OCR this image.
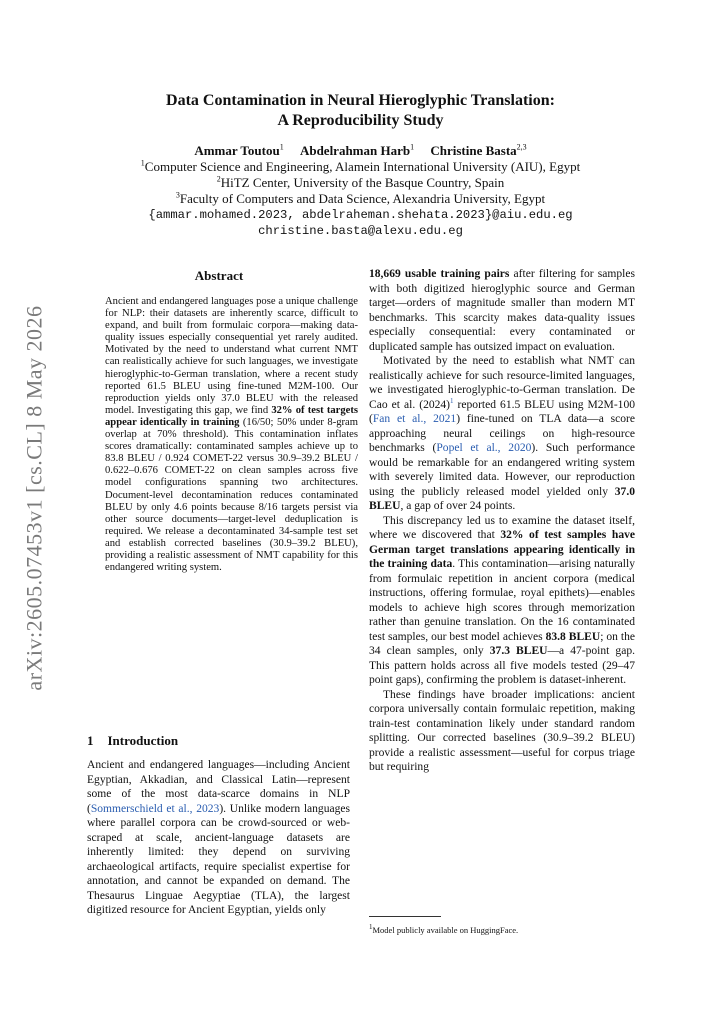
arXiv:2605.07453v1 [cs.CL] 8 May 2026
Data Contamination in Neural Hieroglyphic Translation:
A Reproducibility Study
Ammar Toutou$^1$ Abdelrahman Harb$^1$ Christine Basta$^{2,3}$
$^1$Computer Science and Engineering, Alamein International University (AIU), Egypt
$^2$HiTZ Center, University of the Basque Country, Spain
$^3$Faculty of Computers and Data Science, Alexandria University, Egypt
{ammar.mohamed.2023, abdelraheman.shehata.2023}@aiu.edu.eg
christine.basta@alexu.edu.eg
Abstract
Ancient and endangered languages pose a unique challenge for NLP: their datasets are inherently scarce, difficult to expand, and built from formulaic corpora—making data-quality issues especially consequential yet rarely audited. Motivated by the need to understand what current NMT can realistically achieve for such languages, we investigate hieroglyphic-to-German translation, where a recent study reported 61.5 BLEU using fine-tuned M2M-100. Our reproduction yields only 37.0 BLEU with the released model. Investigating this gap, we find 32% of test targets appear identically in training (16/50; 50% under 8-gram overlap at 70% threshold). This contamination inflates scores dramatically: contaminated samples achieve up to 83.8 BLEU / 0.924 COMET-22 versus 30.9–39.2 BLEU / 0.622–0.676 COMET-22 on clean samples across five model configurations spanning two architectures. Document-level decontamination reduces contaminated BLEU by only 4.6 points because 8/16 targets persist via other source documents—target-level deduplication is required. We release a decontaminated 34-sample test set and establish corrected baselines (30.9–39.2 BLEU), providing a realistic assessment of NMT capability for this endangered writing system.
1 Introduction

Ancient and endangered languages—including Ancient Egyptian, Akkadian, and Classical Latin—represent some of the most data-scarce domains in NLP (Sommerschield et al., 2023). Unlike modern languages where parallel corpora can be crowd-sourced or web-scraped at scale, ancient-language datasets are inherently limited: they depend on surviving archaeological artifacts, require specialist expertise for annotation, and cannot be expanded on demand. The Thesaurus Linguae Aegyptiae (TLA), the largest digitized resource for Ancient Egyptian, yields only

18,669 usable training pairs after filtering for samples with both digitized hieroglyphic source and German target—orders of magnitude smaller than modern MT benchmarks. This scarcity makes data-quality issues especially consequential: every contaminated or duplicated sample has outsized impact on evaluation.

Motivated by the need to establish what NMT can realistically achieve for such resource-limited languages, we investigated hieroglyphic-to-German translation. De Cao et al. (2024)$^1$ reported 61.5 BLEU using M2M-100 (Fan et al., 2021) fine-tuned on TLA data—a score approaching neural ceilings on high-resource benchmarks (Popel et al., 2020). Such performance would be remarkable for an endangered writing system with severely limited data. However, our reproduction using the publicly released model yielded only 37.0 BLEU, a gap of over 24 points.

This discrepancy led us to examine the dataset itself, where we discovered that 32% of test samples have German target translations appearing identically in the training data. This contamination—arising naturally from formulaic repetition in ancient corpora (medical instructions, offering formulae, royal epithets)—enables models to achieve high scores through memorization rather than genuine translation. On the 16 contaminated test samples, our best model achieves 83.8 BLEU; on the 34 clean samples, only 37.3 BLEU—a 47-point gap. This pattern holds across all five models tested (29–47 point gaps), confirming the problem is dataset-inherent.

These findings have broader implications: ancient corpora universally contain formulaic repetition, making train-test contamination likely under standard random splitting. Our corrected baselines (30.9–39.2 BLEU) provide a realistic assessment—useful for corpus triage but requiring

$^1$Model publicly available on HuggingFace.
